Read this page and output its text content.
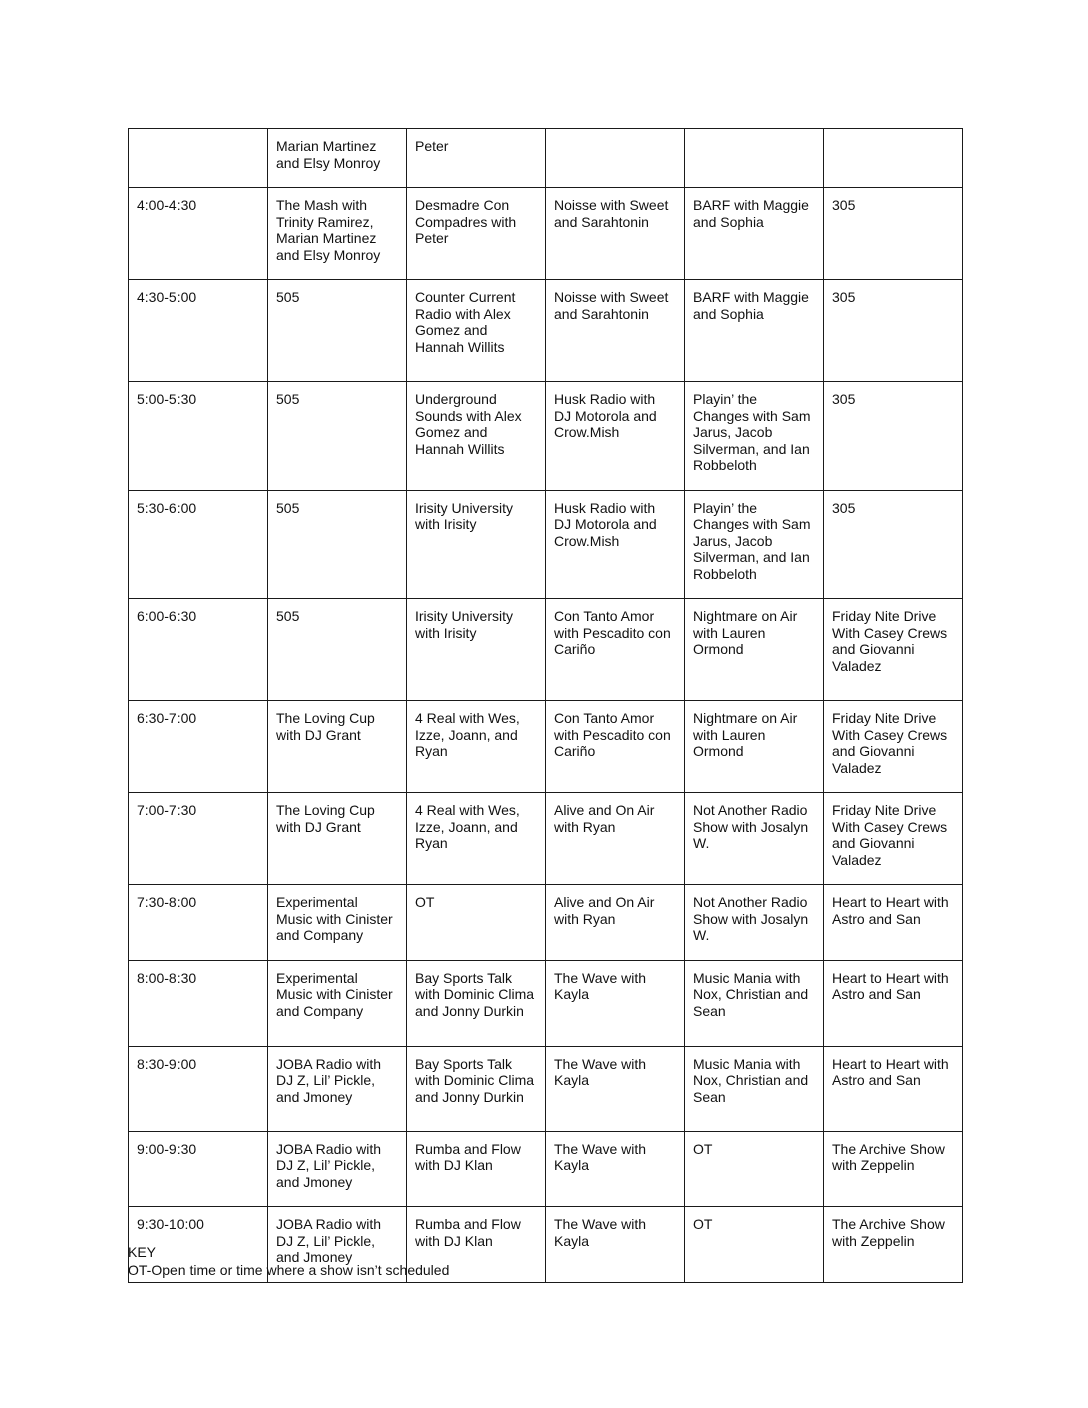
	Marian Martinez and Elsy Monroy	Peter			
4:00-4:30	The Mash with Trinity Ramirez, Marian Martinez and Elsy Monroy	Desmadre Con Compadres with Peter	Noisse with Sweet and Sarahtonin	BARF with Maggie and Sophia	305
4:30-5:00	505	Counter Current Radio with Alex Gomez and Hannah Willits	Noisse with Sweet and Sarahtonin	BARF with Maggie and Sophia	305
5:00-5:30	505	Underground Sounds with Alex Gomez and Hannah Willits	Husk Radio with DJ Motorola and Crow.Mish	Playin’ the Changes with Sam Jarus, Jacob Silverman, and Ian Robbeloth	305
5:30-6:00	505	Irisity University with Irisity	Husk Radio with DJ Motorola and Crow.Mish	Playin’ the Changes with Sam Jarus, Jacob Silverman, and Ian Robbeloth	305
6:00-6:30	505	Irisity University with Irisity	Con Tanto Amor with Pescadito con Cariño	Nightmare on Air with Lauren Ormond	Friday Nite Drive With Casey Crews and Giovanni Valadez
6:30-7:00	The Loving Cup with DJ Grant	4 Real with Wes, Izze, Joann, and Ryan	Con Tanto Amor with Pescadito con Cariño	Nightmare on Air with Lauren Ormond	Friday Nite Drive With Casey Crews and Giovanni Valadez
7:00-7:30	The Loving Cup with DJ Grant	4 Real with Wes, Izze, Joann, and Ryan	Alive and On Air with Ryan	Not Another Radio Show with Josalyn W.	Friday Nite Drive With Casey Crews and Giovanni Valadez
7:30-8:00	Experimental Music with Cinister and Company	OT	Alive and On Air with Ryan	Not Another Radio Show with Josalyn W.	Heart to Heart with Astro and San
8:00-8:30	Experimental Music with Cinister and Company	Bay Sports Talk with Dominic Clima and Jonny Durkin	The Wave with Kayla	Music Mania with Nox, Christian and Sean	Heart to Heart with Astro and San
8:30-9:00	JOBA Radio with DJ Z, Lil’ Pickle, and Jmoney	Bay Sports Talk with Dominic Clima and Jonny Durkin	The Wave with Kayla	Music Mania with Nox, Christian and Sean	Heart to Heart with Astro and San
9:00-9:30	JOBA Radio with DJ Z, Lil’ Pickle, and Jmoney	Rumba and Flow with DJ Klan	The Wave with Kayla	OT	The Archive Show with Zeppelin
9:30-10:00	JOBA Radio with DJ Z, Lil’ Pickle, and Jmoney	Rumba and Flow with DJ Klan	The Wave with Kayla	OT	The Archive Show with Zeppelin
KEY
OT-Open time or time where a show isn’t scheduled
